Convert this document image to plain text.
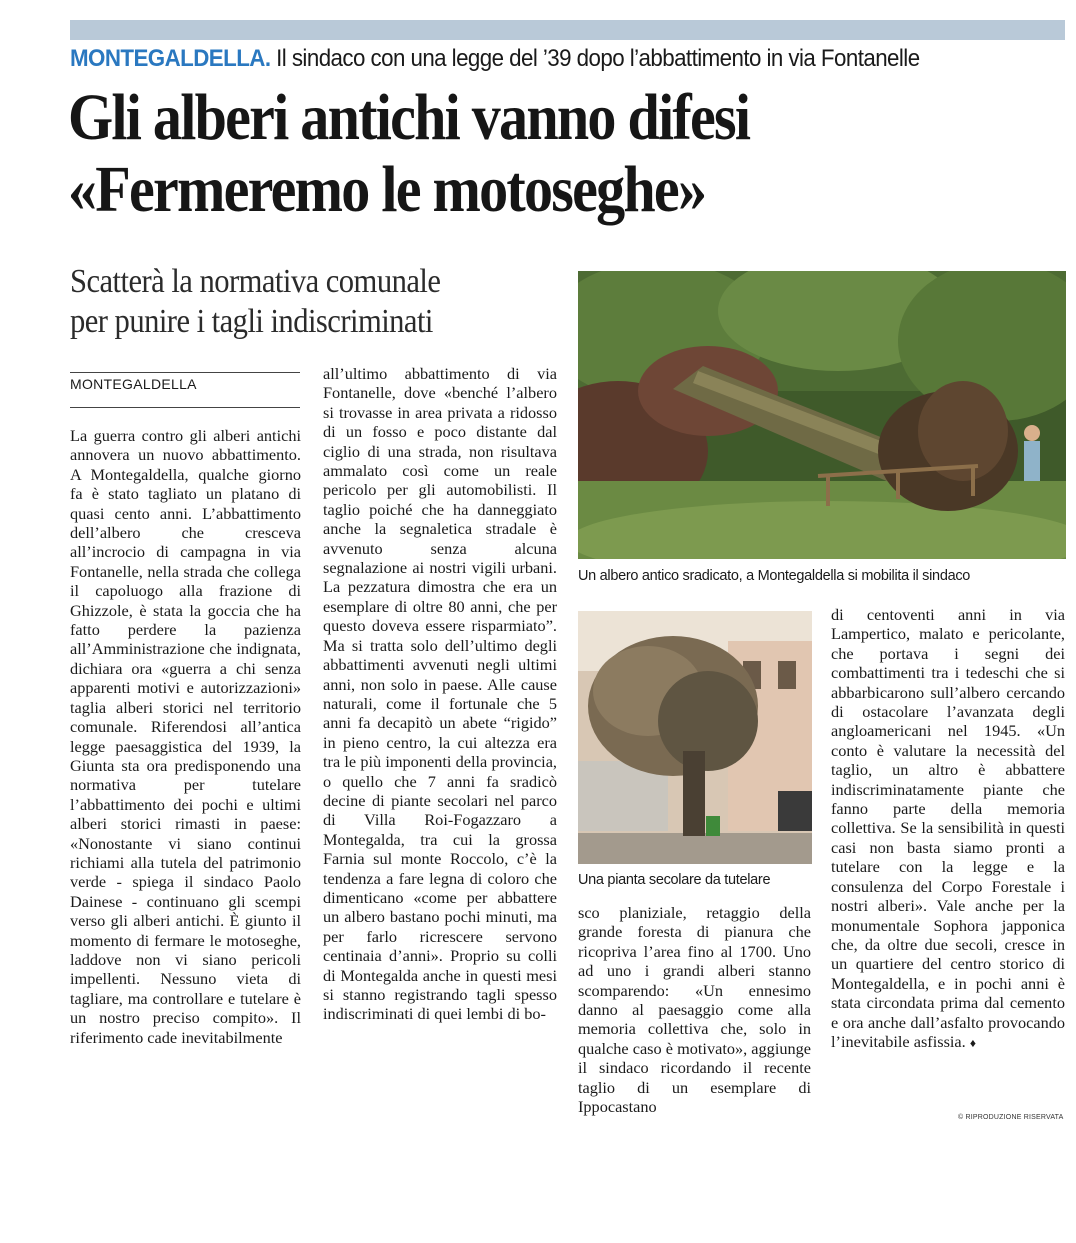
MONTEGALDELLA. Il sindaco con una legge del ’39 dopo l’abbattimento in via Fontanelle
Gli alberi antichi vanno difesi
«Fermeremo le motoseghe»
Scatterà la normativa comunale
per punire i tagli indiscriminati
MONTEGALDELLA
La guerra contro gli alberi antichi annovera un nuovo abbattimento. A Montegaldella, qualche giorno fa è stato tagliato un platano di quasi cento anni. L’abbattimento dell’albero che cresceva all’incrocio di campagna in via Fontanelle, nella strada che collega il capoluogo alla frazione di Ghizzole, è stata la goccia che ha fatto perdere la pazienza all’Amministrazione che indignata, dichiara ora «guerra a chi senza apparenti motivi e autorizzazioni» taglia alberi storici nel territorio comunale. Riferendosi all’antica legge paesaggistica del 1939, la Giunta sta ora predisponendo una normativa per tutelare l’abbattimento dei pochi e ultimi alberi storici rimasti in paese: «Nonostante vi siano continui richiami alla tutela del patrimonio verde - spiega il sindaco Paolo Dainese - continuano gli scempi verso gli alberi antichi. È giunto il momento di fermare le motoseghe, laddove non vi siano pericoli impellenti. Nessuno vieta di tagliare, ma controllare e tutelare è un nostro preciso compito». Il riferimento cade inevitabilmente
all’ultimo abbattimento di via Fontanelle, dove «benché l’albero si trovasse in area privata a ridosso di un fosso e poco distante dal ciglio di una strada, non risultava ammalato così come un reale pericolo per gli automobilisti. Il taglio poiché che ha danneggiato anche la segnaletica stradale è avvenuto senza alcuna segnalazione ai nostri vigili urbani. La pezzatura dimostra che era un esemplare di oltre 80 anni, che per questo doveva essere risparmiato”. Ma si tratta solo dell’ultimo degli abbattimenti avvenuti negli ultimi anni, non solo in paese. Alle cause naturali, come il fortunale che 5 anni fa decapitò un abete “rigido” in pieno centro, la cui altezza era tra le più imponenti della provincia, o quello che 7 anni fa sradicò decine di piante secolari nel parco di Villa Roi-Fogazzaro a Montegalda, tra cui la grossa Farnia sul monte Roccolo, c’è la tendenza a fare legna di coloro che dimenticano «come per abbattere un albero bastano pochi minuti, ma per farlo ricrescere servono centinaia d’anni». Proprio su colli di Montegalda anche in questi mesi si stanno registrando tagli spesso indiscriminati di quei lembi di bo-
sco planiziale, retaggio della grande foresta di pianura che ricopriva l’area fino al 1700. Uno ad uno i grandi alberi stanno scomparendo: «Un ennesimo danno al paesaggio come alla memoria collettiva che, solo in qualche caso è motivato», aggiunge il sindaco ricordando il recente taglio di un esemplare di Ippocastano
di centoventi anni in via Lampertico, malato e pericolante, che portava i segni dei combattimenti tra i tedeschi che si abbarbicarono sull’albero cercando di ostacolare l’avanzata degli angloamericani nel 1945. «Un conto è valutare la necessità del taglio, un altro è abbattere indiscriminatamente piante che fanno parte della memoria collettiva. Se la sensibilità in questi casi non basta siamo pronti a tutelare con la legge e la consulenza del Corpo Forestale i nostri alberi». Vale anche per la monumentale Sophora japponica che, da oltre due secoli, cresce in un quartiere del centro storico di Montegaldella, e in pochi anni è stata circondata prima dal cemento e ora anche dall’asfalto provocando l’inevitabile asfissia. ♦
Un albero antico sradicato, a Montegaldella si mobilita il sindaco
Una pianta secolare da tutelare
© RIPRODUZIONE RISERVATA
